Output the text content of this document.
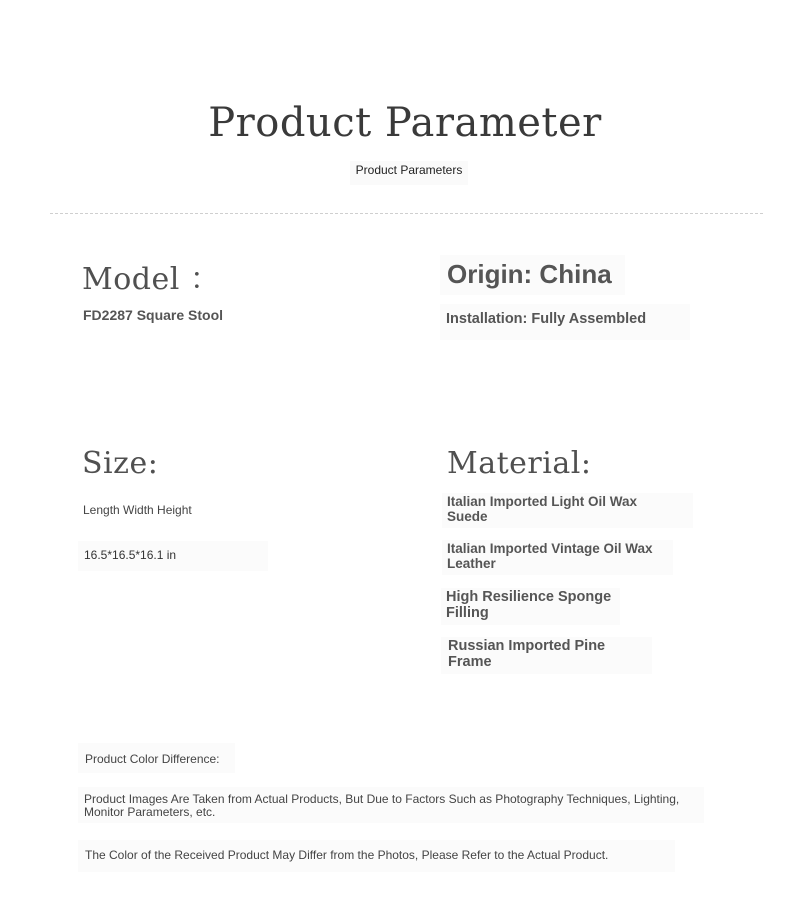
Product Parameter
Product Parameters
Model ：
FD2287 Square Stool
Origin: China
Installation: Fully Assembled
Size:
Length Width Height
16.5*16.5*16.1 in
Material:
Italian Imported Light Oil Wax
Suede
Italian Imported Vintage Oil Wax
Leather
High Resilience Sponge
Filling
Russian Imported Pine
Frame
Product Color Difference:
Product Images Are Taken from Actual Products, But Due to Factors Such as Photography Techniques, Lighting,
Monitor Parameters, etc.
The Color of the Received Product May Differ from the Photos, Please Refer to the Actual Product.
